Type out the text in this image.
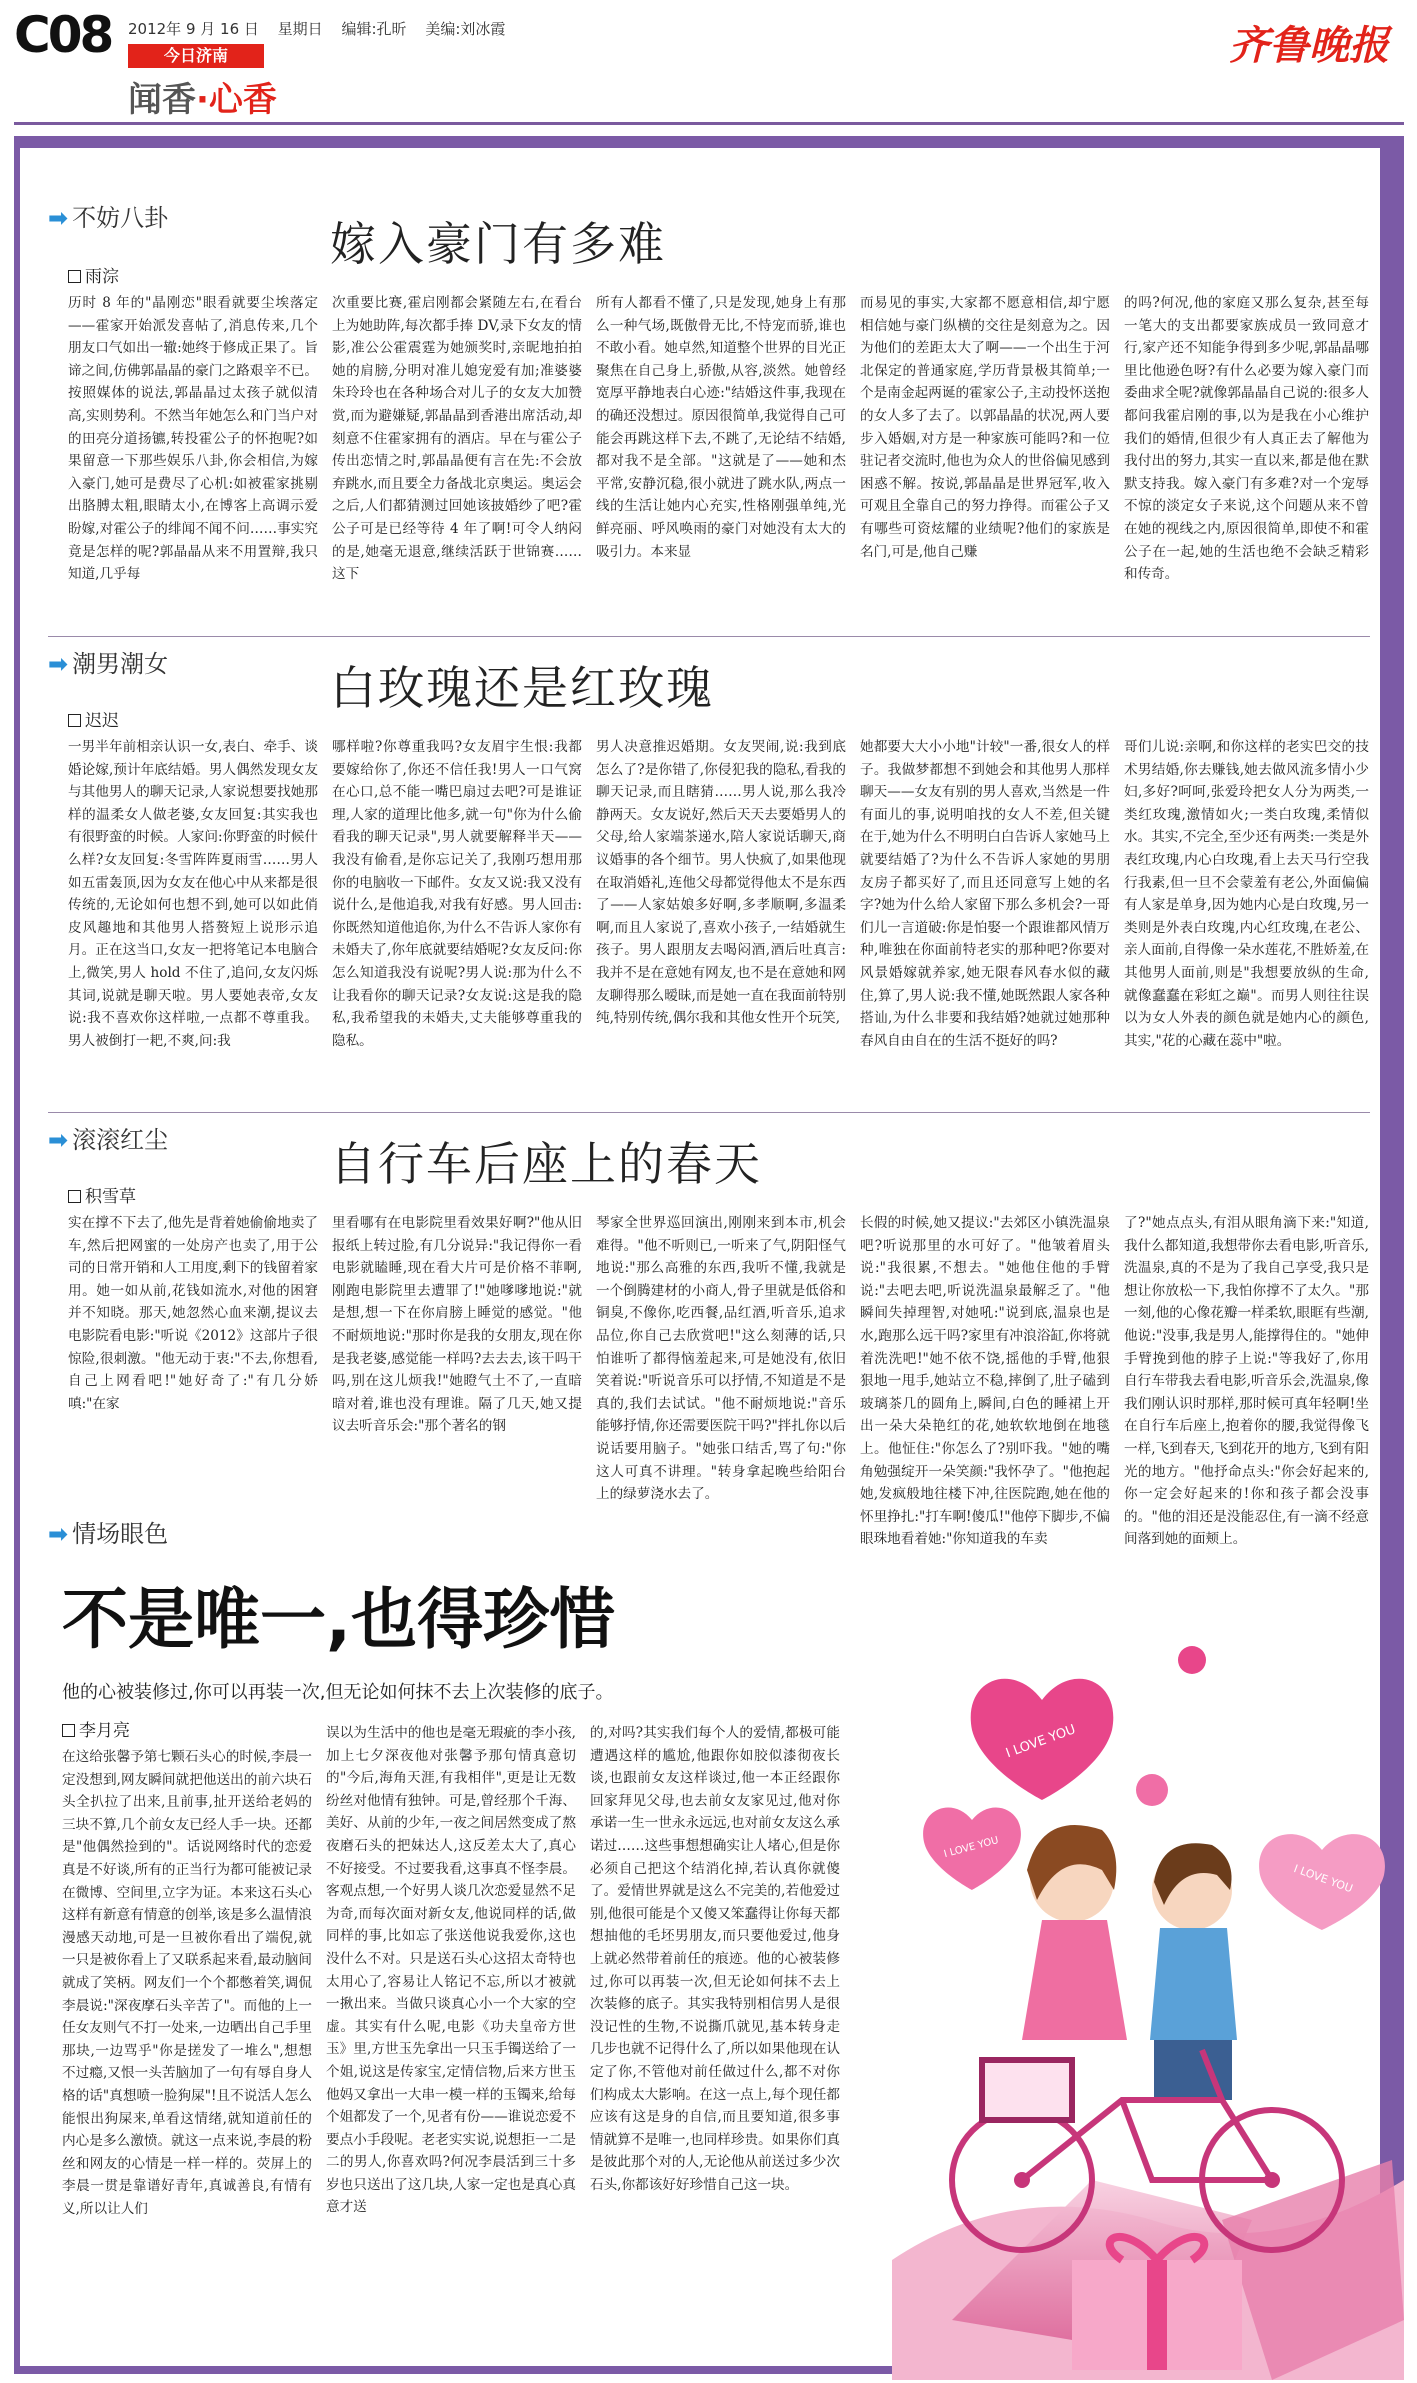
C08 2012年 9 月 16 日 星期日 编辑:孔昕 美编:刘冰霞
今日济南
闻香·心香
齐鲁晚报
➡ 不妨八卦	嫁入豪门有多难
雨淙
历时 8 年的"晶刚恋"眼看就要尘埃落定——霍家开始派发喜帖了,消息传来,几个朋友口气如出一辙:她终于修成正果了。旨谛之间,仿佛郭晶晶的豪门之路艰辛不已。按照媒体的说法,郭晶晶过太孩子就似清高,实则势利。不然当年她怎么和门当户对的田亮分道扬镳,转投霍公子的怀抱呢?如果留意一下那些娱乐八卦,你会相信,为嫁入豪门,她可是费尽了心机:如被霍家挑剔出胳膊太粗,眼睛太小,在博客上高调示爱盼嫁,对霍公子的绯闻不闻不问……事实究竟是怎样的呢?郭晶晶从来不用置辩,我只知道,几乎每
次重要比赛,霍启刚都会紧随左右,在看台上为她助阵,每次都手捧 DV,录下女友的情影,准公公霍震霆为她颁奖时,亲昵地拍拍她的肩膀,分明对准儿媳宠爱有加;准婆婆朱玲玲也在各种场合对儿子的女友大加赞赏,而为避嫌疑,郭晶晶到香港出席活动,却刻意不住霍家拥有的酒店。早在与霍公子传出恋情之时,郭晶晶便有言在先:不会放弃跳水,而且要全力备战北京奥运。奥运会之后,人们都猜测过回她该披婚纱了吧?霍公子可是已经等待 4 年了啊!可令人纳闷的是,她毫无退意,继续活跃于世锦赛……这下
所有人都看不懂了,只是发现,她身上有那么一种气场,既傲骨无比,不恃宠而骄,谁也不敢小看。她卓然,知道整个世界的目光正聚焦在自己身上,骄傲,从容,淡然。她曾经宽厚平静地表白心迹:"结婚这件事,我现在的确还没想过。原因很简单,我觉得自己可能会再跳这样下去,不跳了,无论结不结婚,都对我不是全部。"这就是了——她和杰平常,安静沉稳,很小就进了跳水队,两点一线的生活让她内心充实,性格刚强单纯,光鲜亮丽、呼风唤雨的豪门对她没有太大的吸引力。本来显
而易见的事实,大家都不愿意相信,却宁愿相信她与豪门纵横的交往是刻意为之。因为他们的差距太大了啊——一个出生于河北保定的普通家庭,学历背景极其简单;一个是南金起两诞的霍家公子,主动投怀送抱的女人多了去了。以郭晶晶的状况,两人要步入婚姻,对方是一种家族可能吗?和一位驻记者交流时,他也为众人的世俗偏见感到困惑不解。按说,郭晶晶是世界冠军,收入可观且全靠自己的努力挣得。而霍公子又有哪些可资炫耀的业绩呢?他们的家族是名门,可是,他自己赚
的吗?何况,他的家庭又那么复杂,甚至每一笔大的支出都要家族成员一致同意才行,家产还不知能争得到多少呢,郭晶晶哪里比他逊色呀?有什么必要为嫁入豪门而委曲求全呢?就像郭晶晶自己说的:很多人都问我霍启刚的事,以为是我在小心维护我们的婚情,但很少有人真正去了解他为我付出的努力,其实一直以来,都是他在默默支持我。嫁入豪门有多难?对一个宠辱不惊的淡定女子来说,这个问题从来不曾在她的视线之内,原因很简单,即使不和霍公子在一起,她的生活也绝不会缺乏精彩和传奇。
➡ 潮男潮女	白玫瑰还是红玫瑰
迟迟
一男半年前相亲认识一女,表白、牵手、谈婚论嫁,预计年底结婚。男人偶然发现女友与其他男人的聊天记录,人家说想要找她那样的温柔女人做老婆,女友回复:其实我也有很野蛮的时候。人家问:你野蛮的时候什么样?女友回复:冬雪阵阵夏雨雪……男人如五雷轰顶,因为女友在他心中从来都是很传统的,无论如何也想不到,她可以如此俏皮风趣地和其他男人搭赘短上说形示追月。正在这当口,女友一把将笔记本电脑合上,微笑,男人 hold 不住了,追问,女友闪烁其词,说就是聊天啦。男人要她表帝,女友说:我不喜欢你这样啦,一点都不尊重我。男人被倒打一耙,不爽,问:我
哪样啦?你尊重我吗?女友眉宇生恨:我都要嫁给你了,你还不信任我!男人一口气窝在心口,总不能一嘴巴扇过去吧?可是谁证理,人家的道理比他多,就一句"你为什么偷看我的聊天记录",男人就要解释半天——我没有偷看,是你忘记关了,我刚巧想用那你的电脑收一下邮件。女友又说:我又没有说什么,是他追我,对我有好感。男人回击:你既然知道他追你,为什么不告诉人家你有未婚夫了,你年底就要结婚呢?女友反问:你怎么知道我没有说呢?男人说:那为什么不让我看你的聊天记录?女友说:这是我的隐私,我希望我的未婚夫,丈夫能够尊重我的隐私。
男人决意推迟婚期。女友哭闹,说:我到底怎么了?是你错了,你侵犯我的隐私,看我的聊天记录,而且瞎猜……男人说,那么我冷静两天。女友说好,然后天天去要婚男人的父母,给人家端茶递水,陪人家说话聊天,商议婚事的各个细节。男人快疯了,如果他现在取消婚礼,连他父母都觉得他太不是东西了——人家姑娘多好啊,多孝顺啊,多温柔啊,而且人家说了,喜欢小孩子,一结婚就生孩子。男人跟朋友去喝闷酒,酒后吐真言:我并不是在意她有网友,也不是在意她和网友聊得那么暧昧,而是她一直在我面前特别纯,特别传统,偶尔我和其他女性开个玩笑,
她都要大大小小地"计较"一番,很女人的样子。我做梦都想不到她会和其他男人那样聊天——女友有别的男人喜欢,当然是一件有面儿的事,说明咱找的女人不差,但关键在于,她为什么不明明白白告诉人家她马上就要结婚了?为什么不告诉人家她的男朋友房子都买好了,而且还同意写上她的名字?她为什么给人家留下那么多机会?一哥们儿一言道破:你是怕娶一个跟谁都风情万种,唯独在你面前特老实的那种吧?你要对风景婚嫁就养家,她无限春风春水似的藏住,算了,男人说:我不懂,她既然跟人家各种搭讪,为什么非要和我结婚?她就过她那种春风自由自在的生活不挺好的吗?
哥们儿说:亲啊,和你这样的老实巴交的技术男结婚,你去赚钱,她去做风流多情小少妇,多好?呵呵,张爱玲把女人分为两类,一类红玫瑰,激情如火;一类白玫瑰,柔情似水。其实,不完全,至少还有两类:一类是外表红玫瑰,内心白玫瑰,看上去天马行空我行我素,但一旦不会蒙羞有老公,外面偏偏有人家是单身,因为她内心是白玫瑰,另一类则是外表白玫瑰,内心红玫瑰,在老公、亲人面前,自得像一朵水莲花,不胜娇羞,在其他男人面前,则是"我想要放纵的生命,就像蠢蠢在彩虹之巅"。而男人则往往误以为女人外表的颜色就是她内心的颜色,其实,"花的心藏在蕊中"啦。
➡ 滚滚红尘	自行车后座上的春天
积雪草
实在撑不下去了,他先是背着她偷偷地卖了车,然后把网蜜的一处房产也卖了,用于公司的日常开销和人工用度,剩下的钱留着家用。她一如从前,花钱如流水,对他的困窘并不知晓。那天,她忽然心血来潮,提议去电影院看电影:"听说《2012》这部片子很惊险,很刺激。"他无动于衷:"不去,你想看,自己上网看吧!"她好奇了:"有几分娇嗔:"在家
里看哪有在电影院里看效果好啊?"他从旧报纸上转过脸,有几分说异:"我记得你一看电影就瞌睡,现在看大片可是价格不菲啊,刚跑电影院里去遭罪了!"她嗲嗲地说:"就是想,想一下在你肩膀上睡觉的感觉。"他不耐烦地说:"那时你是我的女朋友,现在你是我老婆,感觉能一样吗?去去去,该干吗干吗,别在这儿烦我!"她瞪气土不了,一直暗暗对着,谁也没有理谁。隔了几天,她又提议去听音乐会:"那个著名的钢
琴家全世界巡回演出,刚刚来到本市,机会难得。"他不听则已,一听来了气,阴阳怪气地说:"那么高雅的东西,我听不懂,我就是一个倒腾建材的小商人,骨子里就是低俗和铜臭,不像你,吃西餐,品红酒,听音乐,追求品位,你自己去欣赏吧!"这么刻薄的话,只怕谁听了都得恼羞起来,可是她没有,依旧笑着说:"听说音乐可以抒情,不知道是不是真的,我们去试试。"他不耐烦地说:"音乐能够抒情,你还需要医院干吗?"拌扎你以后说话要用脑子。"她张口结舌,骂了句:"你这人可真不讲理。"转身拿起晚些给阳台上的绿萝浇水去了。
长假的时候,她又提议:"去郊区小镇洗温泉吧?听说那里的水可好了。"他皱着眉头说:"我很累,不想去。"她他住他的手臂说:"去吧去吧,听说洗温泉最解乏了。"他瞬间失掉理智,对她吼:"说到底,温泉也是水,跑那么远干吗?家里有冲浪浴缸,你将就着洗洗吧!"她不依不饶,摇他的手臂,他狠狠地一甩手,她站立不稳,摔倒了,肚子磕到玻璃茶几的圆角上,瞬间,白色的睡裙上开出一朵大朵艳红的花,她软软地倒在地毯上。他怔住:"你怎么了?别吓我。"她的嘴角勉强绽开一朵笑颜:"我怀孕了。"他抱起她,发疯般地往楼下冲,往医院跑,她在他的怀里挣扎:"打车啊!傻瓜!"他停下脚步,不偏眼珠地看着她:"你知道我的车卖
了?"她点点头,有泪从眼角滴下来:"知道,我什么都知道,我想带你去看电影,听音乐,洗温泉,真的不是为了我自己享受,我只是想让你放松一下,我怕你撑不了太久。"那一刻,他的心像花瓣一样柔软,眼眶有些潮,他说:"没事,我是男人,能撑得住的。"她伸手臂挽到他的脖子上说:"等我好了,你用自行车带我去看电影,听音乐会,洗温泉,像我们刚认识时那样,那时候可真年轻啊!坐在自行车后座上,抱着你的腰,我觉得像飞一样,飞到春天,飞到花开的地方,飞到有阳光的地方。"他抒命点头:"你会好起来的,你一定会好起来的!你和孩子都会没事的。"他的泪还是没能忍住,有一滴不经意间落到她的面颊上。
➡ 情场眼色
不是唯一,也得珍惜
他的心被装修过,你可以再装一次,但无论如何抹不去上次装修的底子。
李月亮
在这给张馨予第七颗石头心的时候,李晨一定没想到,网友瞬间就把他送出的前六块石头全扒拉了出来,且前事,扯开送给老妈的三块不算,几个前女友已经人手一块。还都是"他偶然捡到的"。话说网络时代的恋爱真是不好谈,所有的正当行为都可能被记录在微博、空间里,立字为证。本来这石头心这样有新意有情意的创举,该是多么温情浪漫感天动地,可是一旦被你看出了端倪,就一只是被你看上了又联系起来看,最动脑间就成了笑柄。网友们一个个都憋着笑,调侃李晨说:"深夜摩石头辛苦了"。而他的上一任女友则气不打一处来,一边晒出自己手里那块,一边骂乎"你是搓发了一堆么",想想不过瘾,又恨一头苦脑加了一句有辱自身人格的话"真想喷一脸狗屎"!且不说活人怎么能恨出狗屎来,单看这情绪,就知道前任的内心是多么激愤。就这一点来说,李晨的粉丝和网友的心情是一样一样的。荧屏上的李晨一贯是靠谱好青年,真诚善良,有情有义,所以让人们
误以为生活中的他也是毫无瑕疵的李小孩,加上七夕深夜他对张馨予那句情真意切的"今后,海角天涯,有我相伴",更是让无数纷丝对他情有独钟。可是,曾经那个千海、美好、从前的少年,一夜之间居然变成了熬夜磨石头的把妹达人,这反差太大了,真心不好接受。不过要我看,这事真不怪李晨。客观点想,一个好男人谈几次恋爱显然不足为奇,而每次面对新女友,他说同样的话,做同样的事,比如忘了张送他说我爱你,这也没什么不对。只是送石头心这招太奇特也太用心了,容易让人铭记不忘,所以才被就一揪出来。当做只谈真心小一个大家的空虚。其实有什么呢,电影《功夫皇帝方世玉》里,方世玉先拿出一只玉手镯送给了一个姐,说这是传家宝,定情信物,后来方世玉他妈又拿出一大串一模一样的玉镯来,给每个姐都发了一个,见者有份——谁说恋爱不要点小手段呢。老老实实说,说想拒一二是二的男人,你喜欢吗?何况李晨活到三十多岁也只送出了这几块,人家一定也是真心真意才送
的,对吗?其实我们每个人的爱情,都极可能遭遇这样的尴尬,他跟你如胶似漆彻夜长谈,也跟前女友这样谈过,他一本正经跟你回家拜见父母,也去前女友家见过,他对你承诺一生一世永永远远,也对前女友这么承诺过……这些事想想确实让人堵心,但是你必须自己把这个结消化掉,若认真你就傻了。爱情世界就是这么不完美的,若他爱过别,他很可能是个又傻又笨蠢得让你每天都想抽他的毛坯男朋友,而只要他爱过,他身上就必然带着前任的痕迹。他的心被装修过,你可以再装一次,但无论如何抹不去上次装修的底子。其实我特别相信男人是很没记性的生物,不说撕爪就见,基本转身走几步也就不记得什么了,所以如果他现在认定了你,不管他对前任做过什么,都不对你们构成太大影响。在这一点上,每个现任都应该有这是身的自信,而且要知道,很多事情就算不是唯一,也同样珍贵。如果你们真是彼此那个对的人,无论他从前送过多少次石头,你都该好好珍惜自己这一块。
I LOVE YOU
I LOVE YOU
I LOVE YOU
